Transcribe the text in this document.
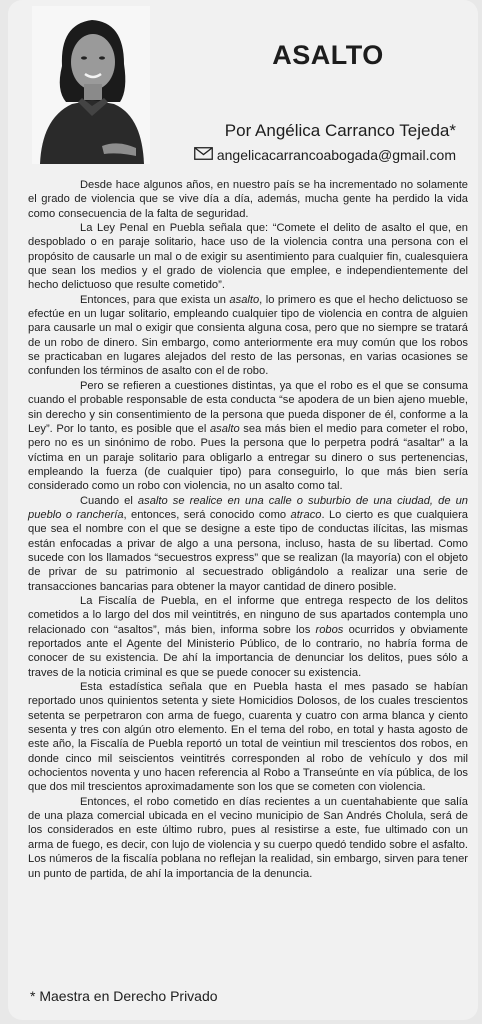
ASALTO
Por Angélica Carranco Tejeda*
angelicacarrancoabogada@gmail.com

Desde hace algunos años, en nuestro país se ha incrementado no solamente el grado de violencia que se vive día a día, además, mucha gente ha perdido la vida como consecuencia de la falta de seguridad.

La Ley Penal en Puebla señala que: “Comete el delito de asalto el que, en despoblado o en paraje solitario, hace uso de la violencia contra una persona con el propósito de causarle un mal o de exigir su asentimiento para cualquier fin, cualesquiera que sean los medios y el grado de violencia que emplee, e independientemente del hecho delictuoso que resulte cometido”.

Entonces, para que exista un asalto, lo primero es que el hecho delictuoso se efectúe en un lugar solitario, empleando cualquier tipo de violencia en contra de alguien para causarle un mal o exigir que consienta alguna cosa, pero que no siempre se tratará de un robo de dinero. Sin embargo, como anteriormente era muy común que los robos se practicaban en lugares alejados del resto de las personas, en varias ocasiones se confunden los términos de asalto con el de robo.

Pero se refieren a cuestiones distintas, ya que el robo es el que se consuma cuando el probable responsable de esta conducta “se apodera de un bien ajeno mueble, sin derecho y sin consentimiento de la persona que pueda disponer de él, conforme a la Ley”. Por lo tanto, es posible que el asalto sea más bien el medio para cometer el robo, pero no es un sinónimo de robo. Pues la persona que lo perpetra podrá “asaltar” a la víctima en un paraje solitario para obligarlo a entregar su dinero o sus pertenencias, empleando la fuerza (de cualquier tipo) para conseguirlo, lo que más bien sería considerado como un robo con violencia, no un asalto como tal.

Cuando el asalto se realice en una calle o suburbio de una ciudad, de un pueblo o ranchería, entonces, será conocido como atraco. Lo cierto es que cualquiera que sea el nombre con el que se designe a este tipo de conductas ilícitas, las mismas están enfocadas a privar de algo a una persona, incluso, hasta de su libertad. Como sucede con los llamados “secuestros express” que se realizan (la mayoría) con el objeto de privar de su patrimonio al secuestrado obligándolo a realizar una serie de transacciones bancarias para obtener la mayor cantidad de dinero posible.

La Fiscalía de Puebla, en el informe que entrega respecto de los delitos cometidos a lo largo del dos mil veintitrés, en ninguno de sus apartados contempla uno relacionado con “asaltos”, más bien, informa sobre los robos ocurridos y obviamente reportados ante el Agente del Ministerio Público, de lo contrario, no habría forma de conocer de su existencia. De ahí la importancia de denunciar los delitos, pues sólo a traves de la noticia criminal es que se puede conocer su existencia.

Esta estadística señala que en Puebla hasta el mes pasado se habían reportado unos quinientos setenta y siete Homicidios Dolosos, de los cuales trescientos setenta se perpetraron con arma de fuego, cuarenta y cuatro con arma blanca y ciento sesenta y tres con algún otro elemento. En el tema del robo, en total y hasta agosto de este año, la Fiscalía de Puebla reportó un total de veintiun mil trescientos dos robos, en donde cinco mil seiscientos veintitrés corresponden al robo de vehículo y dos mil ochocientos noventa y uno hacen referencia al Robo a Transeúnte en vía pública, de los que dos mil trescientos aproximadamente son los que se cometen con violencia.

Entonces, el robo cometido en días recientes a un cuentahabiente que salía de una plaza comercial ubicada en el vecino municipio de San Andrés Cholula, será de los considerados en este último rubro, pues al resistirse a este, fue ultimado con un arma de fuego, es decir, con lujo de violencia y su cuerpo quedó tendido sobre el asfalto. Los números de la fiscalía poblana no reflejan la realidad, sin embargo, sirven para tener un punto de partida, de ahí la importancia de la denuncia.

* Maestra en Derecho Privado
